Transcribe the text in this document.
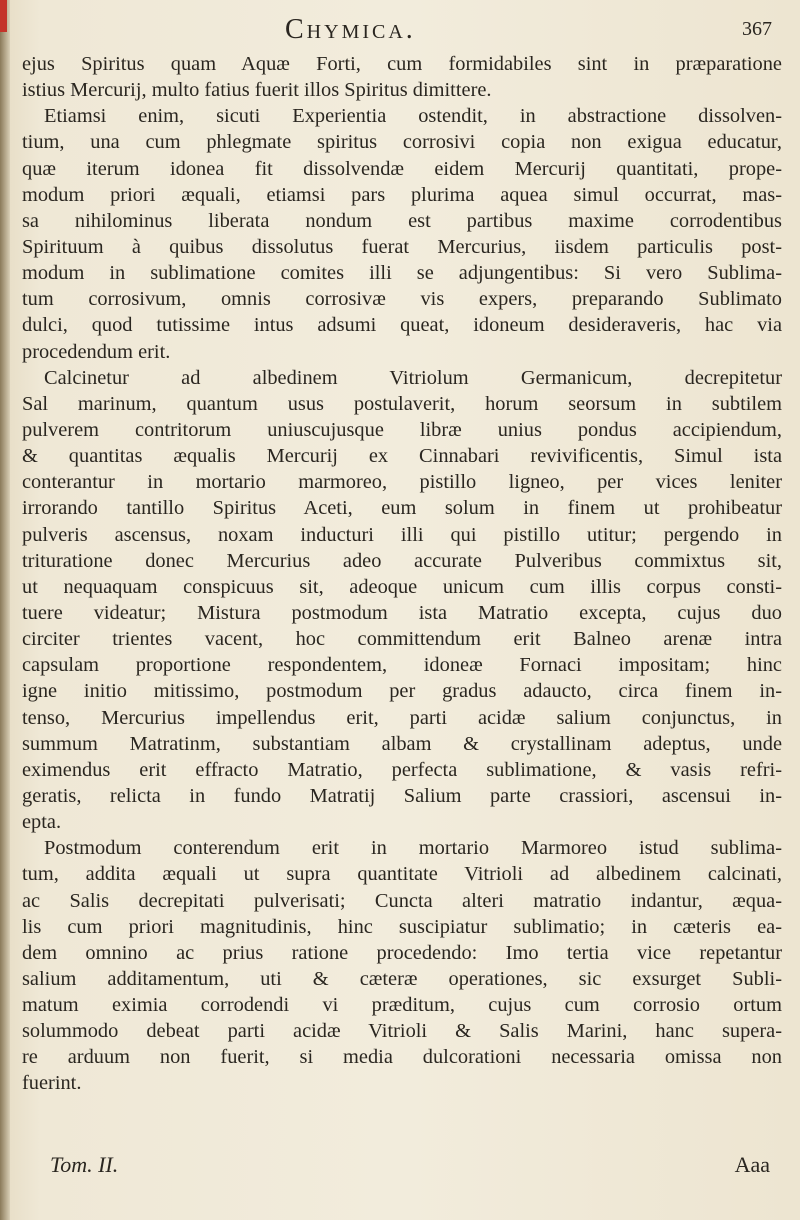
Chymica.	367
ejus Spiritus quam Aquæ Forti, cum formidabiles sint in præparatione
istius Mercurij, multo fatius fuerit illos Spiritus dimittere.
Etiamsi enim, sicuti Experientia ostendit, in abstractione dissolven-
tium, una cum phlegmate spiritus corrosivi copia non exigua educatur,
quæ iterum idonea fit dissolvendæ eidem Mercurij quantitati, prope-
modum priori æquali, etiamsi pars plurima aquea simul occurrat, mas-
sa nihilominus liberata nondum est partibus maxime corrodentibus
Spirituum à quibus dissolutus fuerat Mercurius, iisdem particulis post-
modum in sublimatione comites illi se adjungentibus: Si vero Sublima-
tum corrosivum, omnis corrosivæ vis expers, preparando Sublimato
dulci, quod tutissime intus adsumi queat, idoneum desideraveris, hac via
procedendum erit.
Calcinetur ad albedinem Vitriolum Germanicum, decrepitetur
Sal marinum, quantum usus postulaverit, horum seorsum in subtilem
pulverem contritorum uniuscujusque libræ unius pondus accipiendum,
& quantitas æqualis Mercurij ex Cinnabari revivificentis, Simul ista
conterantur in mortario marmoreo, pistillo ligneo, per vices leniter
irrorando tantillo Spiritus Aceti, eum solum in finem ut prohibeatur
pulveris ascensus, noxam inducturi illi qui pistillo utitur; pergendo in
trituratione donec Mercurius adeo accurate Pulveribus commixtus sit,
ut nequaquam conspicuus sit, adeoque unicum cum illis corpus consti-
tuere videatur; Mistura postmodum ista Matratio excepta, cujus duo
circiter trientes vacent, hoc committendum erit Balneo arenæ intra
capsulam proportione respondentem, idoneæ Fornaci impositam; hinc
igne initio mitissimo, postmodum per gradus adaucto, circa finem in-
tenso, Mercurius impellendus erit, parti acidæ salium conjunctus, in
summum Matratinm, substantiam albam & crystallinam adeptus, unde
eximendus erit effracto Matratio, perfecta sublimatione, & vasis refri-
geratis, relicta in fundo Matratij Salium parte crassiori, ascensui in-
epta.
Postmodum conterendum erit in mortario Marmoreo istud sublima-
tum, addita æquali ut supra quantitate Vitrioli ad albedinem calcinati,
ac Salis decrepitati pulverisati; Cuncta alteri matratio indantur, æqua-
lis cum priori magnitudinis, hinc suscipiatur sublimatio; in cæteris ea-
dem omnino ac prius ratione procedendo: Imo tertia vice repetantur
salium additamentum, uti & cæteræ operationes, sic exsurget Subli-
matum eximia corrodendi vi præditum, cujus cum corrosio ortum
solummodo debeat parti acidæ Vitrioli & Salis Marini, hanc supera-
re arduum non fuerit, si media dulcorationi necessaria omissa non
fuerint.
Tom. II.	Aaa
